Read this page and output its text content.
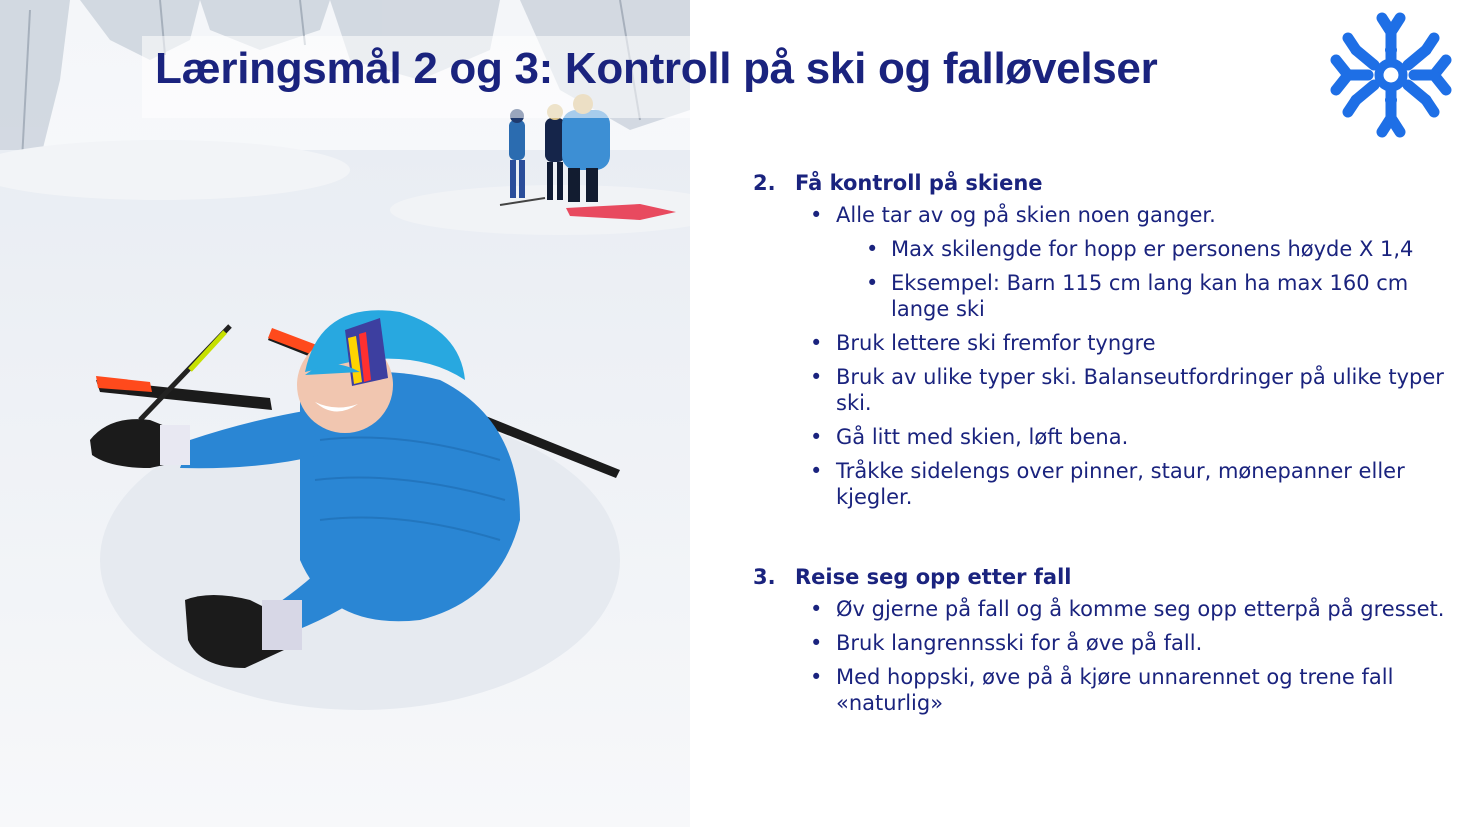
Læringsmål 2 og 3: Kontroll på ski og falløvelser
2. Få kontroll på skiene
• Alle tar av og på skien noen ganger.
• Max skilengde for hopp er personens høyde X 1,4
• Eksempel: Barn 115 cm lang kan ha max 160 cm lange ski
• Bruk lettere ski fremfor tyngre
• Bruk av ulike typer ski. Balanseutfordringer på ulike typer ski.
• Gå litt med skien, løft bena.
• Tråkke sidelengs over pinner, staur, mønepanner eller kjegler.
3. Reise seg opp etter fall
• Øv gjerne på fall og å komme seg opp etterpå på gresset.
• Bruk langrennsski for å øve på fall.
• Med hoppski, øve på å kjøre unnarennet og trene fall «naturlig»
